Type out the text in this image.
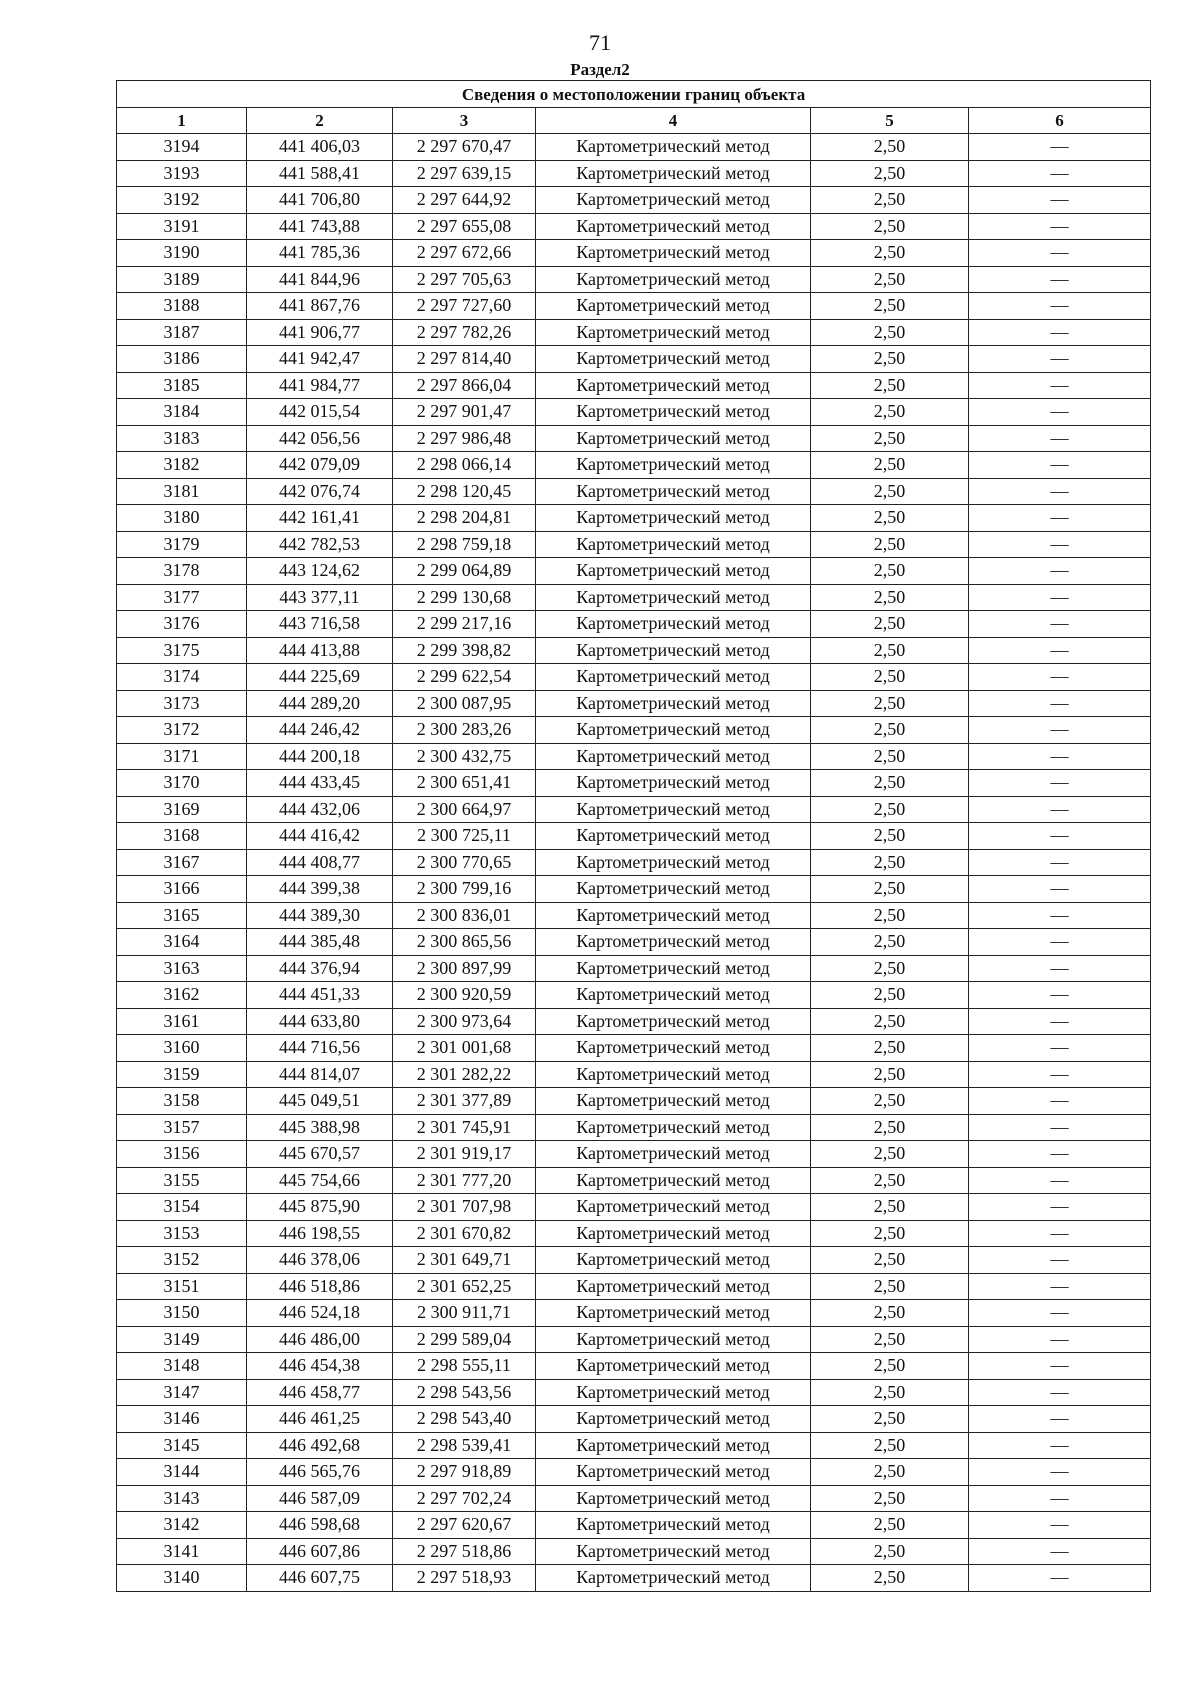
71
Раздел2
Сведения о местоположении границ объекта					
1	2	3	4	5	6
3194	441 406,03	2 297 670,47	Картометрический метод	2,50	—
3193	441 588,41	2 297 639,15	Картометрический метод	2,50	—
3192	441 706,80	2 297 644,92	Картометрический метод	2,50	—
3191	441 743,88	2 297 655,08	Картометрический метод	2,50	—
3190	441 785,36	2 297 672,66	Картометрический метод	2,50	—
3189	441 844,96	2 297 705,63	Картометрический метод	2,50	—
3188	441 867,76	2 297 727,60	Картометрический метод	2,50	—
3187	441 906,77	2 297 782,26	Картометрический метод	2,50	—
3186	441 942,47	2 297 814,40	Картометрический метод	2,50	—
3185	441 984,77	2 297 866,04	Картометрический метод	2,50	—
3184	442 015,54	2 297 901,47	Картометрический метод	2,50	—
3183	442 056,56	2 297 986,48	Картометрический метод	2,50	—
3182	442 079,09	2 298 066,14	Картометрический метод	2,50	—
3181	442 076,74	2 298 120,45	Картометрический метод	2,50	—
3180	442 161,41	2 298 204,81	Картометрический метод	2,50	—
3179	442 782,53	2 298 759,18	Картометрический метод	2,50	—
3178	443 124,62	2 299 064,89	Картометрический метод	2,50	—
3177	443 377,11	2 299 130,68	Картометрический метод	2,50	—
3176	443 716,58	2 299 217,16	Картометрический метод	2,50	—
3175	444 413,88	2 299 398,82	Картометрический метод	2,50	—
3174	444 225,69	2 299 622,54	Картометрический метод	2,50	—
3173	444 289,20	2 300 087,95	Картометрический метод	2,50	—
3172	444 246,42	2 300 283,26	Картометрический метод	2,50	—
3171	444 200,18	2 300 432,75	Картометрический метод	2,50	—
3170	444 433,45	2 300 651,41	Картометрический метод	2,50	—
3169	444 432,06	2 300 664,97	Картометрический метод	2,50	—
3168	444 416,42	2 300 725,11	Картометрический метод	2,50	—
3167	444 408,77	2 300 770,65	Картометрический метод	2,50	—
3166	444 399,38	2 300 799,16	Картометрический метод	2,50	—
3165	444 389,30	2 300 836,01	Картометрический метод	2,50	—
3164	444 385,48	2 300 865,56	Картометрический метод	2,50	—
3163	444 376,94	2 300 897,99	Картометрический метод	2,50	—
3162	444 451,33	2 300 920,59	Картометрический метод	2,50	—
3161	444 633,80	2 300 973,64	Картометрический метод	2,50	—
3160	444 716,56	2 301 001,68	Картометрический метод	2,50	—
3159	444 814,07	2 301 282,22	Картометрический метод	2,50	—
3158	445 049,51	2 301 377,89	Картометрический метод	2,50	—
3157	445 388,98	2 301 745,91	Картометрический метод	2,50	—
3156	445 670,57	2 301 919,17	Картометрический метод	2,50	—
3155	445 754,66	2 301 777,20	Картометрический метод	2,50	—
3154	445 875,90	2 301 707,98	Картометрический метод	2,50	—
3153	446 198,55	2 301 670,82	Картометрический метод	2,50	—
3152	446 378,06	2 301 649,71	Картометрический метод	2,50	—
3151	446 518,86	2 301 652,25	Картометрический метод	2,50	—
3150	446 524,18	2 300 911,71	Картометрический метод	2,50	—
3149	446 486,00	2 299 589,04	Картометрический метод	2,50	—
3148	446 454,38	2 298 555,11	Картометрический метод	2,50	—
3147	446 458,77	2 298 543,56	Картометрический метод	2,50	—
3146	446 461,25	2 298 543,40	Картометрический метод	2,50	—
3145	446 492,68	2 298 539,41	Картометрический метод	2,50	—
3144	446 565,76	2 297 918,89	Картометрический метод	2,50	—
3143	446 587,09	2 297 702,24	Картометрический метод	2,50	—
3142	446 598,68	2 297 620,67	Картометрический метод	2,50	—
3141	446 607,86	2 297 518,86	Картометрический метод	2,50	—
3140	446 607,75	2 297 518,93	Картометрический метод	2,50	—
